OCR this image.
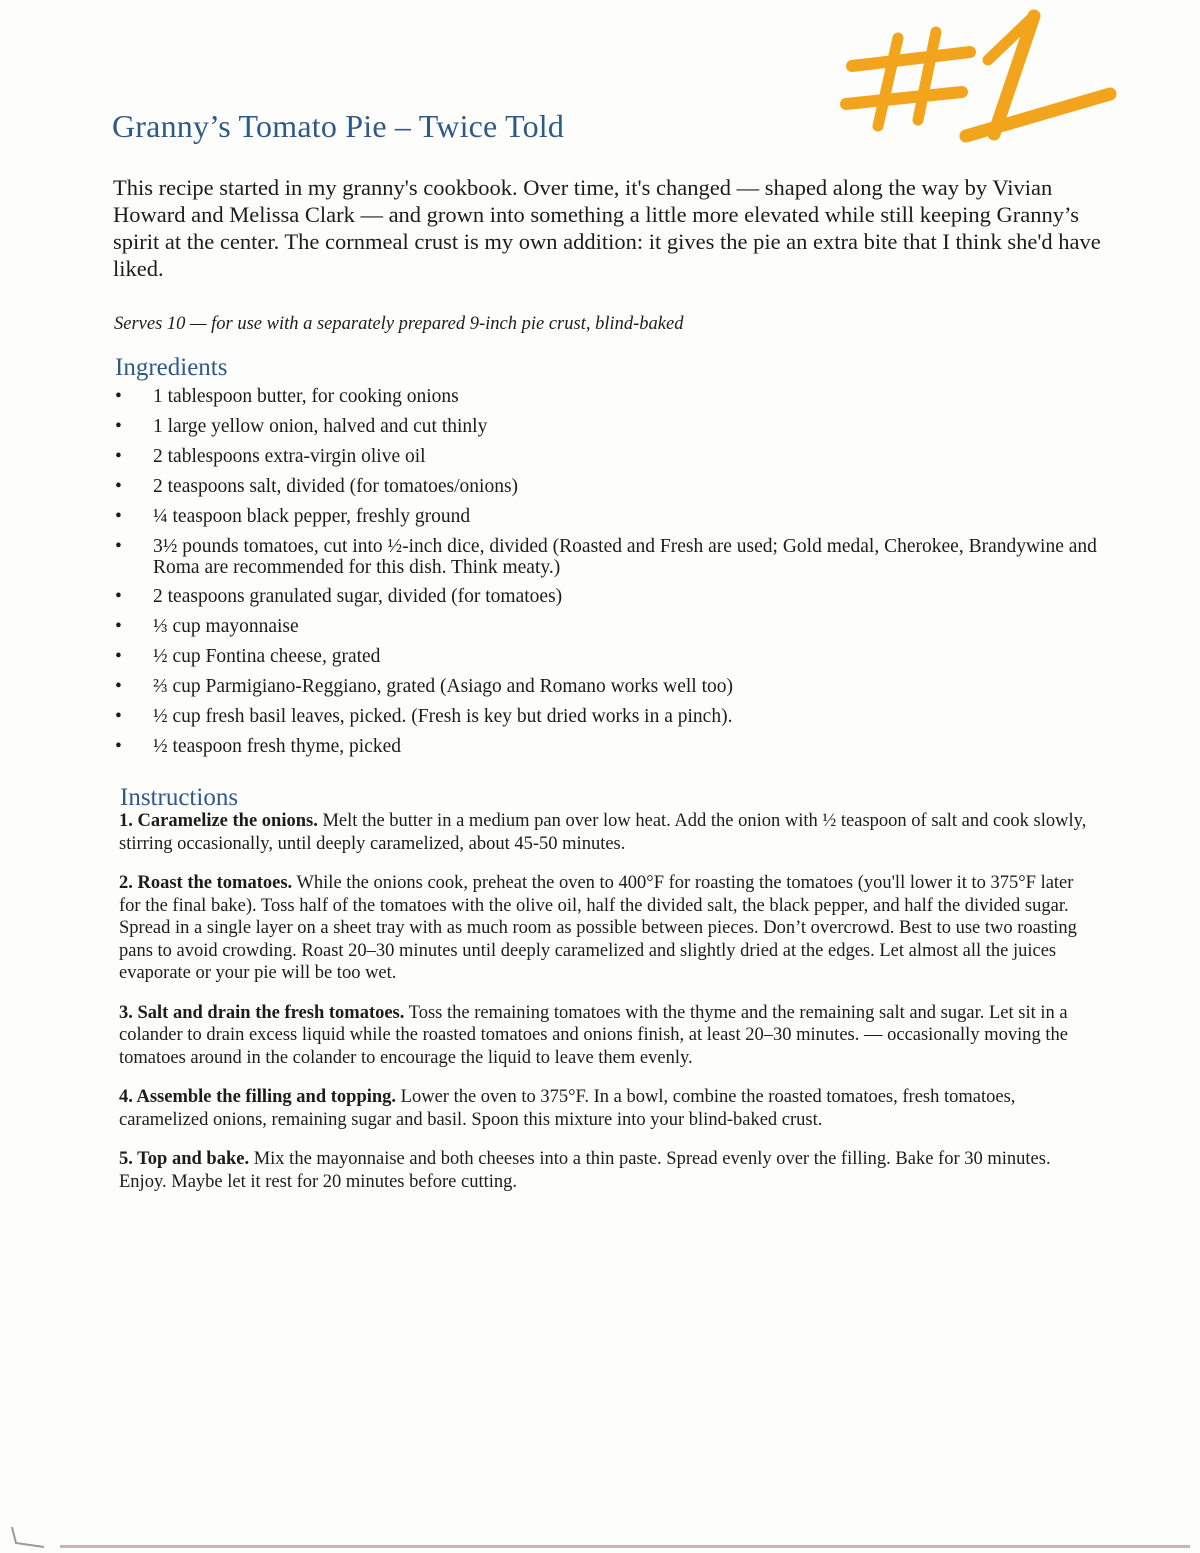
Granny’s Tomato Pie – Twice Told

This recipe started in my granny's cookbook. Over time, it's changed — shaped along the way by Vivian Howard and Melissa Clark — and grown into something a little more elevated while still keeping Granny’s spirit at the center. The cornmeal crust is my own addition: it gives the pie an extra bite that I think she'd have liked.

Serves 10 — for use with a separately prepared 9-inch pie crust, blind-baked

Ingredients
• 1 tablespoon butter, for cooking onions
• 1 large yellow onion, halved and cut thinly
• 2 tablespoons extra-virgin olive oil
• 2 teaspoons salt, divided (for tomatoes/onions)
• ¼ teaspoon black pepper, freshly ground
• 3½ pounds tomatoes, cut into ½-inch dice, divided (Roasted and Fresh are used; Gold medal, Cherokee, Brandywine and Roma are recommended for this dish. Think meaty.)
• 2 teaspoons granulated sugar, divided (for tomatoes)
• ⅓ cup mayonnaise
• ½ cup Fontina cheese, grated
• ⅔ cup Parmigiano-Reggiano, grated (Asiago and Romano works well too)
• ½ cup fresh basil leaves, picked. (Fresh is key but dried works in a pinch).
• ½ teaspoon fresh thyme, picked
Instructions

1. Caramelize the onions. Melt the butter in a medium pan over low heat. Add the onion with ½ teaspoon of salt and cook slowly, stirring occasionally, until deeply caramelized, about 45-50 minutes.

2. Roast the tomatoes. While the onions cook, preheat the oven to 400°F for roasting the tomatoes (you'll lower it to 375°F later for the final bake). Toss half of the tomatoes with the olive oil, half the divided salt, the black pepper, and half the divided sugar. Spread in a single layer on a sheet tray with as much room as possible between pieces. Don’t overcrowd. Best to use two roasting pans to avoid crowding. Roast 20–30 minutes until deeply caramelized and slightly dried at the edges. Let almost all the juices evaporate or your pie will be too wet.

3. Salt and drain the fresh tomatoes. Toss the remaining tomatoes with the thyme and the remaining salt and sugar. Let sit in a colander to drain excess liquid while the roasted tomatoes and onions finish, at least 20–30 minutes. — occasionally moving the tomatoes around in the colander to encourage the liquid to leave them evenly.

4. Assemble the filling and topping. Lower the oven to 375°F. In a bowl, combine the roasted tomatoes, fresh tomatoes, caramelized onions, remaining sugar and basil. Spoon this mixture into your blind-baked crust.

5. Top and bake. Mix the mayonnaise and both cheeses into a thin paste. Spread evenly over the filling. Bake for 30 minutes. Enjoy. Maybe let it rest for 20 minutes before cutting.
